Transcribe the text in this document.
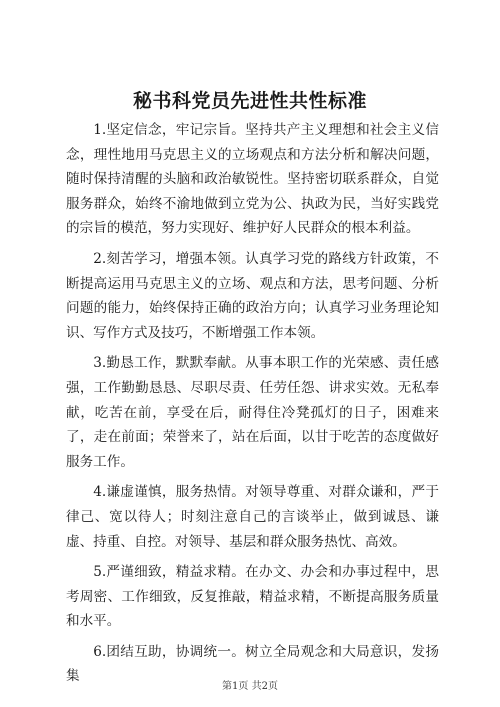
秘书科党员先进性共性标准

1.坚定信念，牢记宗旨。坚持共产主义理想和社会主义信念，理性地用马克思主义的立场观点和方法分析和解决问题，随时保持清醒的头脑和政治敏锐性。坚持密切联系群众，自觉服务群众，始终不渝地做到立党为公、执政为民，当好实践党的宗旨的模范，努力实现好、维护好人民群众的根本利益。

2.刻苦学习，增强本领。认真学习党的路线方针政策，不断提高运用马克思主义的立场、观点和方法，思考问题、分析问题的能力，始终保持正确的政治方向；认真学习业务理论知识、写作方式及技巧，不断增强工作本领。

3.勤恳工作，默默奉献。从事本职工作的光荣感、责任感强，工作勤勤恳恳、尽职尽责、任劳任怨、讲求实效。无私奉献，吃苦在前，享受在后，耐得住冷凳孤灯的日子，困难来了，走在前面；荣誉来了，站在后面，以甘于吃苦的态度做好服务工作。

4.谦虚谨慎，服务热情。对领导尊重、对群众谦和，严于律己、宽以待人；时刻注意自己的言谈举止，做到诚恳、谦虚、持重、自控。对领导、基层和群众服务热忱、高效。

5.严谨细致，精益求精。在办文、办会和办事过程中，思考周密、工作细致，反复推敲，精益求精，不断提高服务质量和水平。

6.团结互助，协调统一。树立全局观念和大局意识，发扬集

第1页 共2页
